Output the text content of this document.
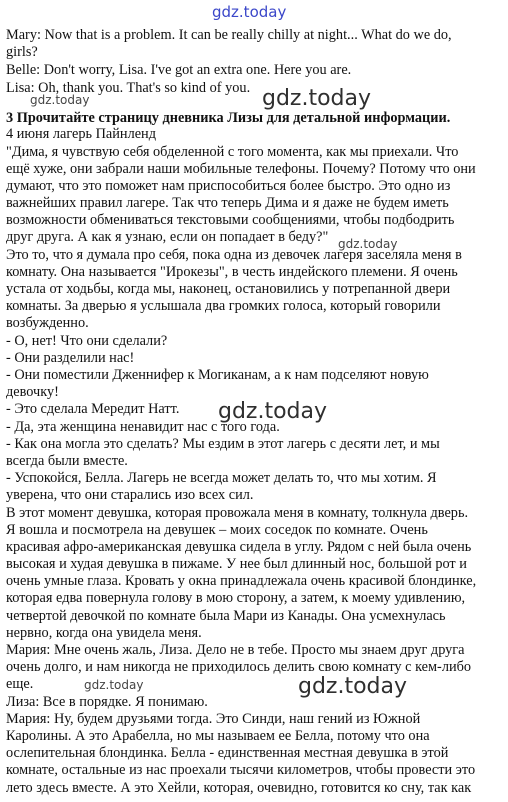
gdz.today
Mary: Now that is a problem. It can be really chilly at night... What do we do,
girls?
Belle: Don't worry, Lisa. I've got an extra one. Here you are.
Lisa: Oh, thank you. That's so kind of you.
3 Прочитайте страницу дневника Лизы для детальной информации.
4 июня лагерь Пайнленд
"Дима, я чувствую себя обделенной с того момента, как мы приехали. Что
ещё хуже, они забрали наши мобильные телефоны. Почему? Потому что они
думают, что это поможет нам приспособиться более быстро. Это одно из
важнейших правил лагере. Так что теперь Дима и я даже не будем иметь
возможности обмениваться текстовыми сообщениями, чтобы подбодрить
друг друга. А как я узнаю, если он попадает в беду?"
Это то, что я думала про себя, пока одна из девочек лагеря заселяла меня в
комнату. Она называется "Ирокезы", в честь индейского племени. Я очень
устала от ходьбы, когда мы, наконец, остановились у потрепанной двери
комнаты. За дверью я услышала два громких голоса, который говорили
возбужденно.
- О, нет! Что они сделали?
- Они разделили нас!
- Они поместили Дженнифер к Могиканам, а к нам подселяют новую
девочку!
- Это сделала Мередит Натт.
- Да, эта женщина ненавидит нас с того года.
- Как она могла это сделать? Мы ездим в этот лагерь с десяти лет, и мы
всегда были вместе.
- Успокойся, Белла. Лагерь не всегда может делать то, что мы хотим. Я
уверена, что они старались изо всех сил.
В этот момент девушка, которая провожала меня в комнату, толкнула дверь.
Я вошла и посмотрела на девушек – моих соседок по комнате. Очень
красивая афро-американская девушка сидела в углу. Рядом с ней была очень
высокая и худая девушка в пижаме. У нее был длинный нос, большой рот и
очень умные глаза. Кровать у окна принадлежала очень красивой блондинке,
которая едва повернула голову в мою сторону, а затем, к моему удивлению,
четвертой девочкой по комнате была Мари из Канады. Она усмехнулась
нервно, когда она увидела меня.
Мария: Мне очень жаль, Лиза. Дело не в тебе. Просто мы знаем друг друга
очень долго, и нам никогда не приходилось делить свою комнату с кем-либо
еще.
Лиза: Все в порядке. Я понимаю.
Мария: Ну, будем друзьями тогда. Это Синди, наш гений из Южной
Каролины. А это Арабелла, но мы называем ее Белла, потому что она
ослепительная блондинка. Белла - единственная местная девушка в этой
комнате, остальные из нас проехали тысячи километров, чтобы провести это
лето здесь вместе. А это Хейли, которая, очевидно, готовится ко сну, так как
gdz.today	gdz.today
gdz.today
gdz.today
gdz.today	gdz.today
